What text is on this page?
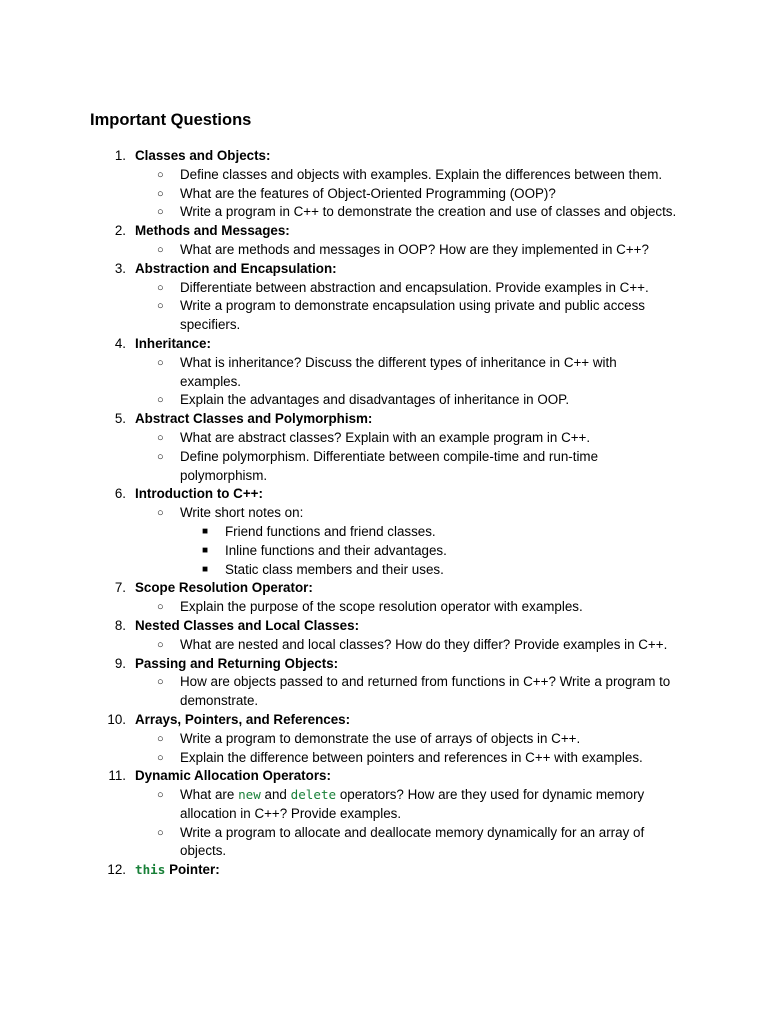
Important Questions
1. Classes and Objects:
○ Define classes and objects with examples. Explain the differences between them.
○ What are the features of Object-Oriented Programming (OOP)?
○ Write a program in C++ to demonstrate the creation and use of classes and objects.
2. Methods and Messages:
○ What are methods and messages in OOP? How are they implemented in C++?
3. Abstraction and Encapsulation:
○ Differentiate between abstraction and encapsulation. Provide examples in C++.
○ Write a program to demonstrate encapsulation using private and public access specifiers.
4. Inheritance:
○ What is inheritance? Discuss the different types of inheritance in C++ with examples.
○ Explain the advantages and disadvantages of inheritance in OOP.
5. Abstract Classes and Polymorphism:
○ What are abstract classes? Explain with an example program in C++.
○ Define polymorphism. Differentiate between compile-time and run-time polymorphism.
6. Introduction to C++:
○ Write short notes on:
■ Friend functions and friend classes.
■ Inline functions and their advantages.
■ Static class members and their uses.
7. Scope Resolution Operator:
○ Explain the purpose of the scope resolution operator with examples.
8. Nested Classes and Local Classes:
○ What are nested and local classes? How do they differ? Provide examples in C++.
9. Passing and Returning Objects:
○ How are objects passed to and returned from functions in C++? Write a program to demonstrate.
10. Arrays, Pointers, and References:
○ Write a program to demonstrate the use of arrays of objects in C++.
○ Explain the difference between pointers and references in C++ with examples.
11. Dynamic Allocation Operators:
○ What are new and delete operators? How are they used for dynamic memory allocation in C++? Provide examples.
○ Write a program to allocate and deallocate memory dynamically for an array of objects.
12. this Pointer:
